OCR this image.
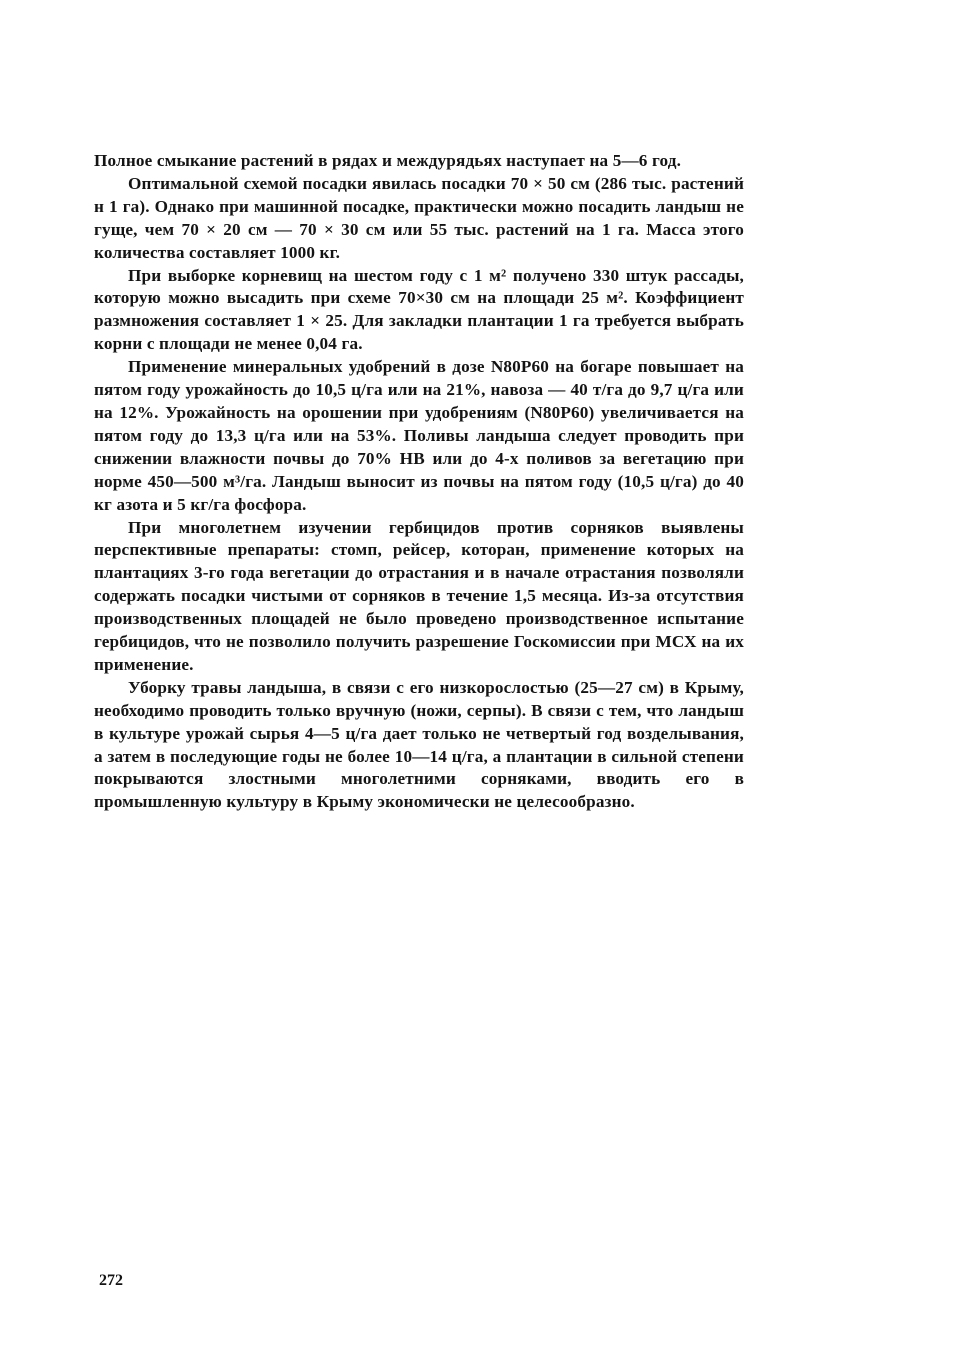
Полное смыкание растений в рядах и междурядьях наступает на 5—6 год.

Оптимальной схемой посадки явилась посадки 70 × 50 см (286 тыс. растений н 1 га). Однако при машинной посадке, практически можно посадить ландыш не гуще, чем 70 × 20 см — 70 × 30 см или 55 тыс. растений на 1 га. Масса этого количества составляет 1000 кг.

При выборке корневищ на шестом году с 1 м² получено 330 штук рассады, которую можно высадить при схеме 70×30 см на площади 25 м². Коэффициент размножения составляет 1 × 25. Для закладки плантации 1 га требуется выбрать корни с площади не менее 0,04 га.

Применение минеральных удобрений в дозе N80P60 на богаре повышает на пятом году урожайность до 10,5 ц/га или на 21%, навоза — 40 т/га до 9,7 ц/га или на 12%. Урожайность на орошении при удобрениям (N80P60) увеличивается на пятом году до 13,3 ц/га или на 53%. Поливы ландыша следует проводить при снижении влажности почвы до 70% НВ или до 4-х поливов за вегетацию при норме 450—500 м³/га. Ландыш выносит из почвы на пятом году (10,5 ц/га) до 40 кг азота и 5 кг/га фосфора.

При многолетнем изучении гербицидов против сорняков выявлены перспективные препараты: стомп, рейсер, которан, применение которых на плантациях 3-го года вегетации до отрастания и в начале отрастания позволяли содержать посадки чистыми от сорняков в течение 1,5 месяца. Из-за отсутствия производственных площадей не было проведено производственное испытание гербицидов, что не позволило получить разрешение Госкомиссии при МСХ на их применение.

Уборку травы ландыша, в связи с его низкорослостью (25—27 см) в Крыму, необходимо проводить только вручную (ножи, серпы). В связи с тем, что ландыш в культуре урожай сырья 4—5 ц/га дает только не четвертый год возделывания, а затем в последующие годы не более 10—14 ц/га, а плантации в сильной степени покрываются злостными многолетними сорняками, вводить его в промышленную культуру в Крыму экономически не целесообразно.

272
